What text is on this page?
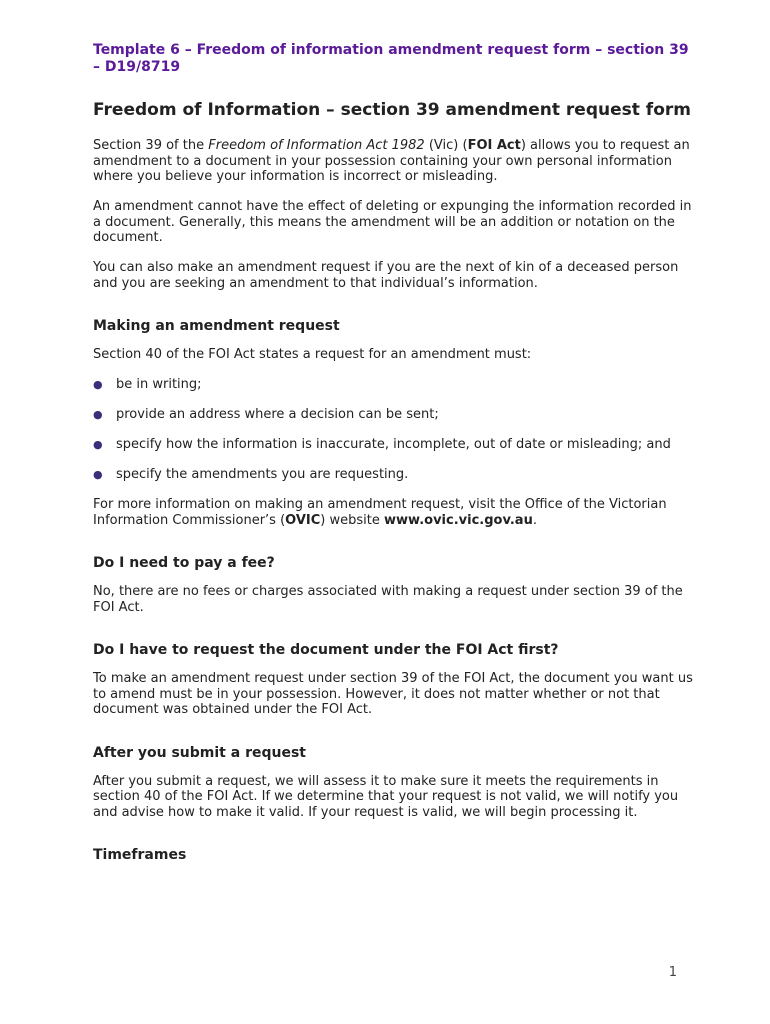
Template 6 – Freedom of information amendment request form – section 39 – D19/8719
Freedom of Information – section 39 amendment request form

Section 39 of the Freedom of Information Act 1982 (Vic) (FOI Act) allows you to request an amendment to a document in your possession containing your own personal information where you believe your information is incorrect or misleading.

An amendment cannot have the effect of deleting or expunging the information recorded in a document. Generally, this means the amendment will be an addition or notation on the document.

You can also make an amendment request if you are the next of kin of a deceased person and you are seeking an amendment to that individual’s information.

Making an amendment request

Section 40 of the FOI Act states a request for an amendment must:

● be in writing;
● provide an address where a decision can be sent;
● specify how the information is inaccurate, incomplete, out of date or misleading; and
● specify the amendments you are requesting.

For more information on making an amendment request, visit the Office of the Victorian Information Commissioner’s (OVIC) website www.ovic.vic.gov.au.

Do I need to pay a fee?

No, there are no fees or charges associated with making a request under section 39 of the FOI Act.

Do I have to request the document under the FOI Act first?

To make an amendment request under section 39 of the FOI Act, the document you want us to amend must be in your possession. However, it does not matter whether or not that document was obtained under the FOI Act.

After you submit a request

After you submit a request, we will assess it to make sure it meets the requirements in section 40 of the FOI Act. If we determine that your request is not valid, we will notify you and advise how to make it valid. If your request is valid, we will begin processing it.

Timeframes
1
